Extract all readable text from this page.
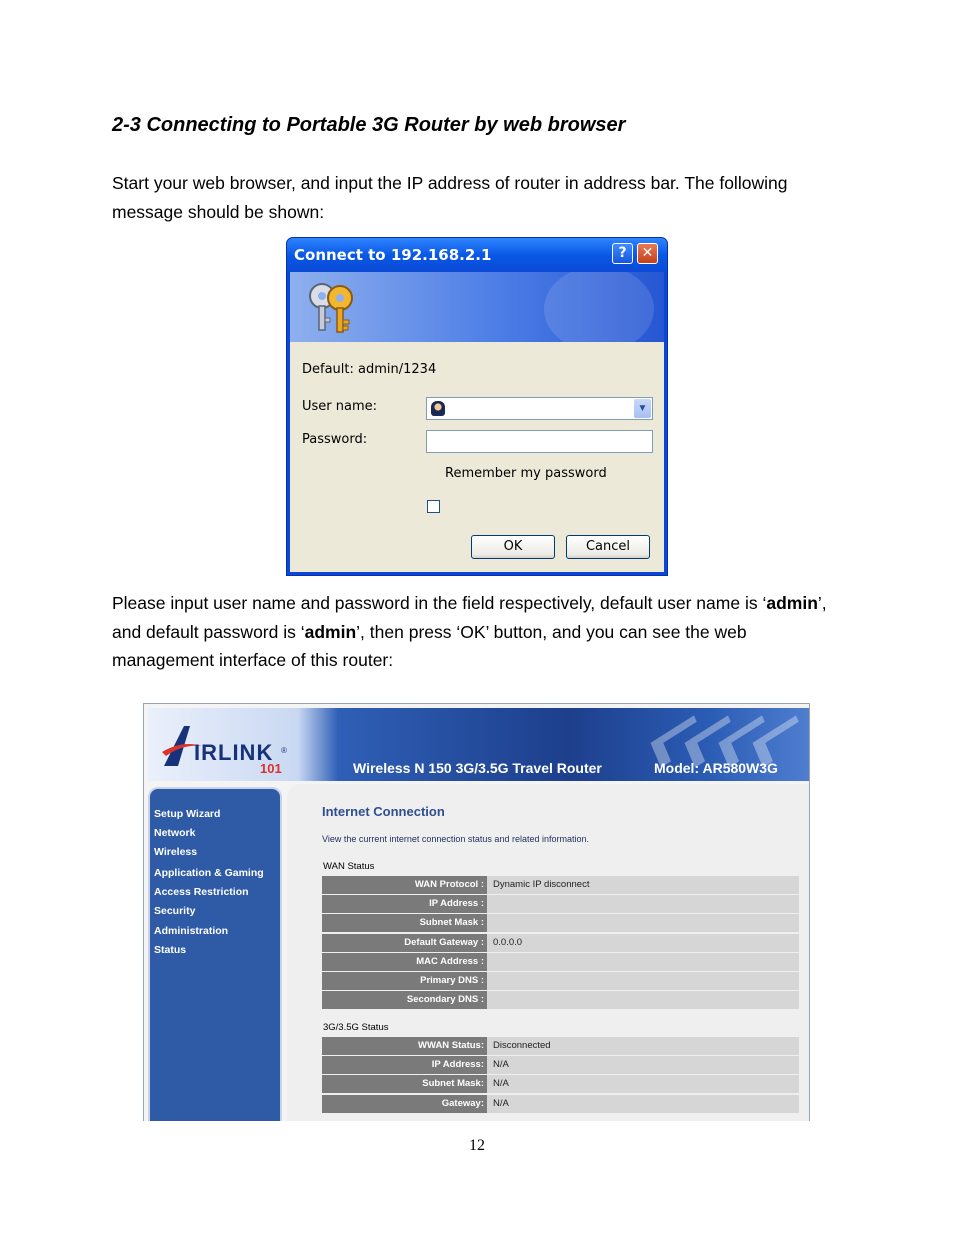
2-3 Connecting to Portable 3G Router by web browser

Start your web browser, and input the IP address of router in address bar. The following message should be shown:

Connect to 192.168.2.1	?	✕
Default: admin/1234
User name:	▼
Password:
Remember my password
OK	Cancel

Please input user name and password in the field respectively, default user name is ‘admin’, and default password is ‘admin’, then press ‘OK’ button, and you can see the web management interface of this router:

IRLINK ®
101	Wireless N 150 3G/3.5G Travel Router	Model: AR580W3G
Setup Wizard
Network
Wireless
Application & Gaming
Access Restriction
Security
Administration
Status
Internet Connection
View the current internet connection status and related information.
WAN Status
WAN Protocol : Dynamic IP disconnect
IP Address :
Subnet Mask :
Default Gateway : 0.0.0.0
MAC Address :
Primary DNS :
Secondary DNS :
3G/3.5G Status
WWAN Status: Disconnected
IP Address: N/A
Subnet Mask: N/A
Gateway: N/A
12
